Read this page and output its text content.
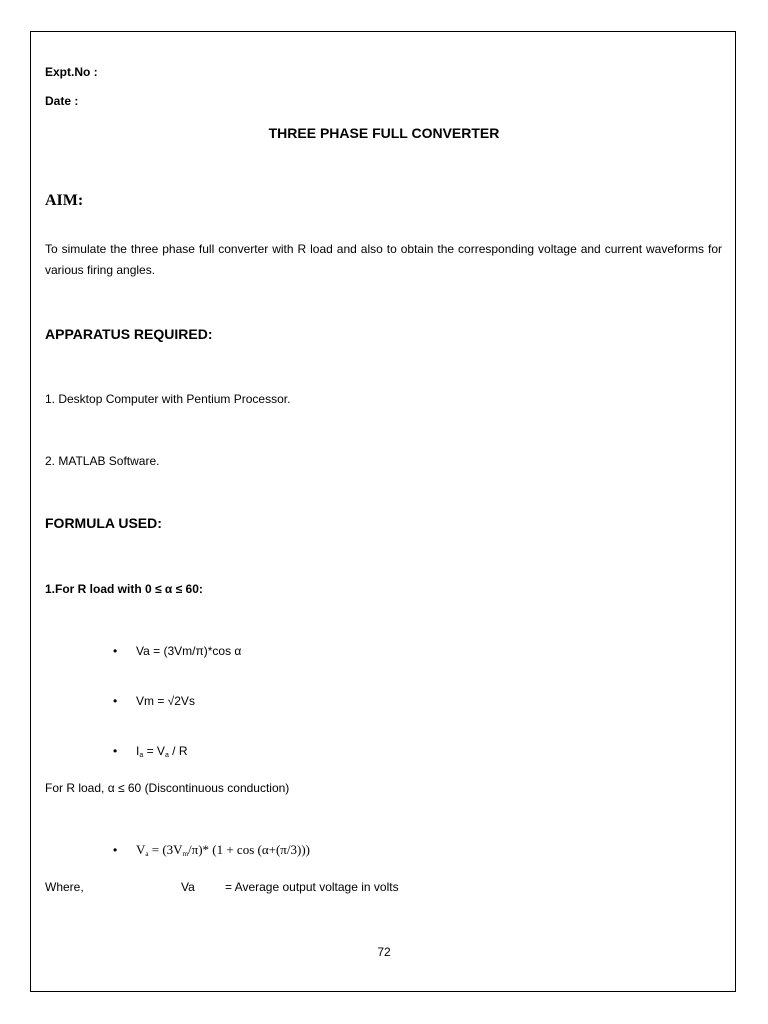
Expt.No :
Date :
THREE PHASE FULL CONVERTER
AIM:
To simulate the three phase full converter with R load and also to obtain the corresponding voltage and current waveforms for various firing angles.
APPARATUS REQUIRED:
1. Desktop Computer with Pentium Processor.
2. MATLAB Software.
FORMULA USED:
1.For R load with 0 ≤ α ≤ 60:
• Va = (3Vm/π)*cos α
• Vm = √2Vs
• $I_a = V_a / R$
For R load, α ≤ 60 (Discontinuous conduction)
• $V_a = (3V_m/\pi)*$ (1 + cos (α+(π/3)))
Where,	Va	= Average output voltage in volts
72
